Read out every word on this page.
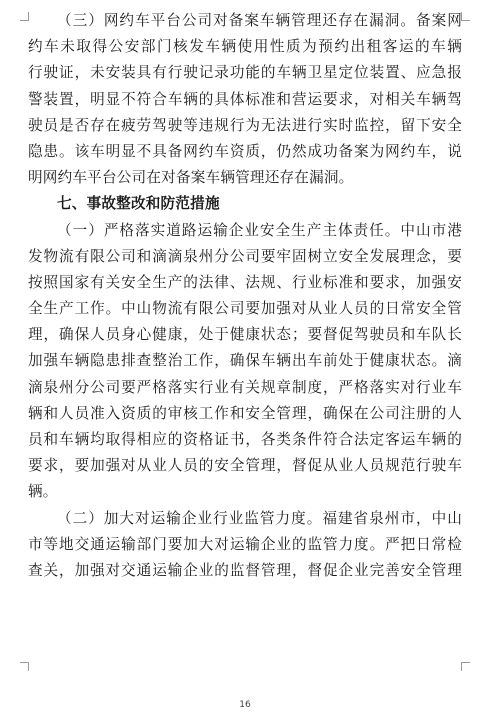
（三）网约车平台公司对备案车辆管理还存在漏洞。备案网
约车未取得公安部门核发车辆使用性质为预约出租客运的车辆
行驶证，未安装具有行驶记录功能的车辆卫星定位装置、应急报
警装置，明显不符合车辆的具体标准和营运要求，对相关车辆驾
驶员是否存在疲劳驾驶等违规行为无法进行实时监控，留下安全
隐患。该车明显不具备网约车资质，仍然成功备案为网约车，说
明网约车平台公司在对备案车辆管理还存在漏洞。
七、事故整改和防范措施
（一）严格落实道路运输企业安全生产主体责任。中山市港
发物流有限公司和滴滴泉州分公司要牢固树立安全发展理念，要
按照国家有关安全生产的法律、法规、行业标准和要求，加强安
全生产工作。中山物流有限公司要加强对从业人员的日常安全管
理，确保人员身心健康，处于健康状态；要督促驾驶员和车队长
加强车辆隐患排查整治工作，确保车辆出车前处于健康状态。滴
滴泉州分公司要严格落实行业有关规章制度，严格落实对行业车
辆和人员准入资质的审核工作和安全管理，确保在公司注册的人
员和车辆均取得相应的资格证书，各类条件符合法定客运车辆的
要求，要加强对从业人员的安全管理，督促从业人员规范行驶车
辆。
（二）加大对运输企业行业监管力度。福建省泉州市，中山
市等地交通运输部门要加大对运输企业的监管力度。严把日常检
查关，加强对交通运输企业的监督管理，督促企业完善安全管理
16
